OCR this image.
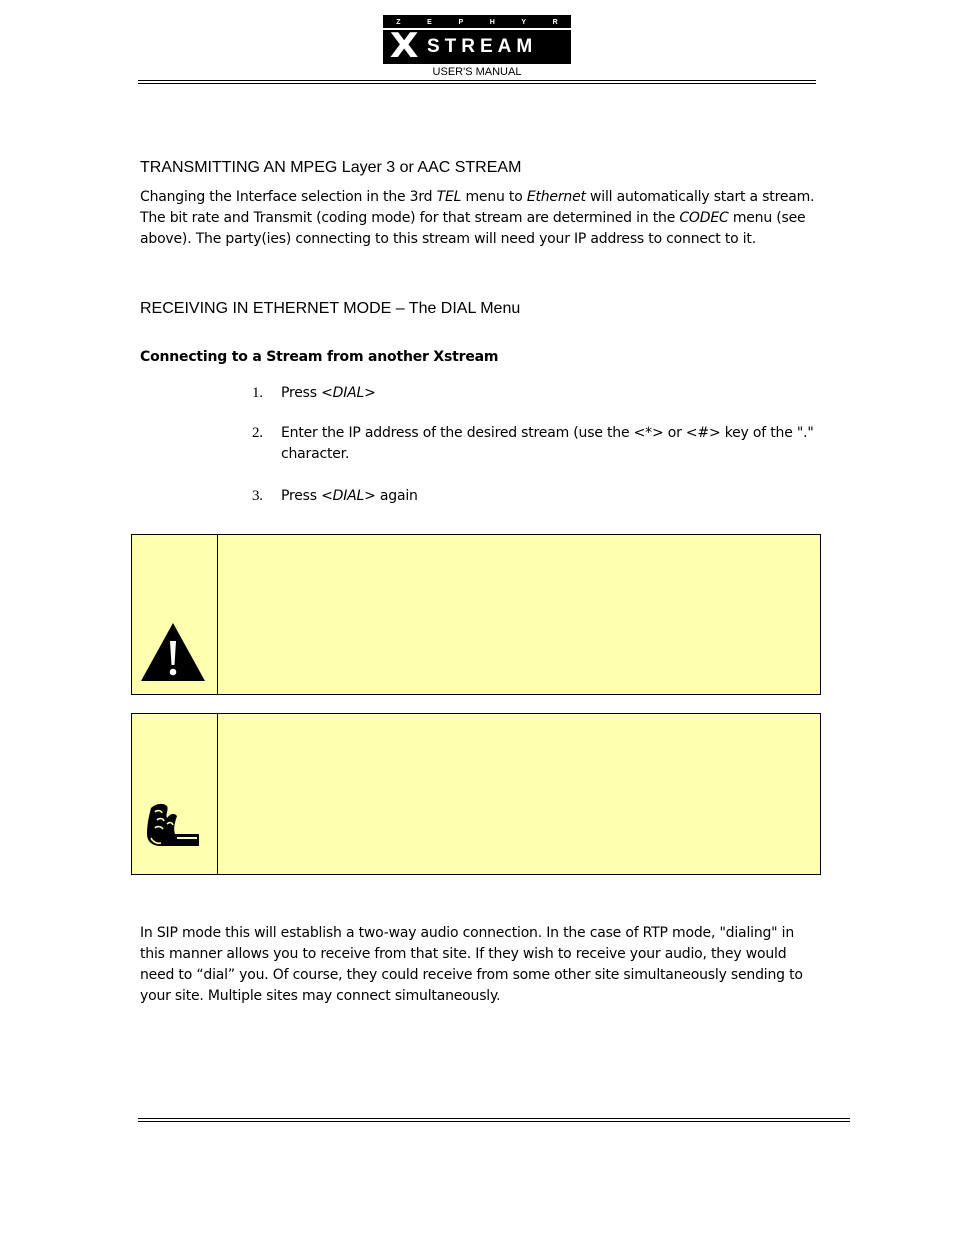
Z	E	P	H	Y	R
X STREAM
USER'S MANUAL
TRANSMITTING AN MPEG Layer 3 or AAC STREAM
Changing the Interface selection in the 3rd TEL menu to Ethernet will automatically start a stream. The bit rate and Transmit (coding mode) for that stream are determined in the CODEC menu (see above). The party(ies) connecting to this stream will need your IP address to connect to it.
RECEIVING IN ETHERNET MODE – The DIAL Menu
Connecting to a Stream from another Xstream
1.	Press <DIAL>
2.	Enter the IP address of the desired stream (use the <*> or <#> key of the "." character.
3.	Press <DIAL> again
In SIP mode this will establish a two-way audio connection. In the case of RTP mode, "dialing" in this manner allows you to receive from that site. If they wish to receive your audio, they would need to “dial” you. Of course, they could receive from some other site simultaneously sending to your site. Multiple sites may connect simultaneously.
